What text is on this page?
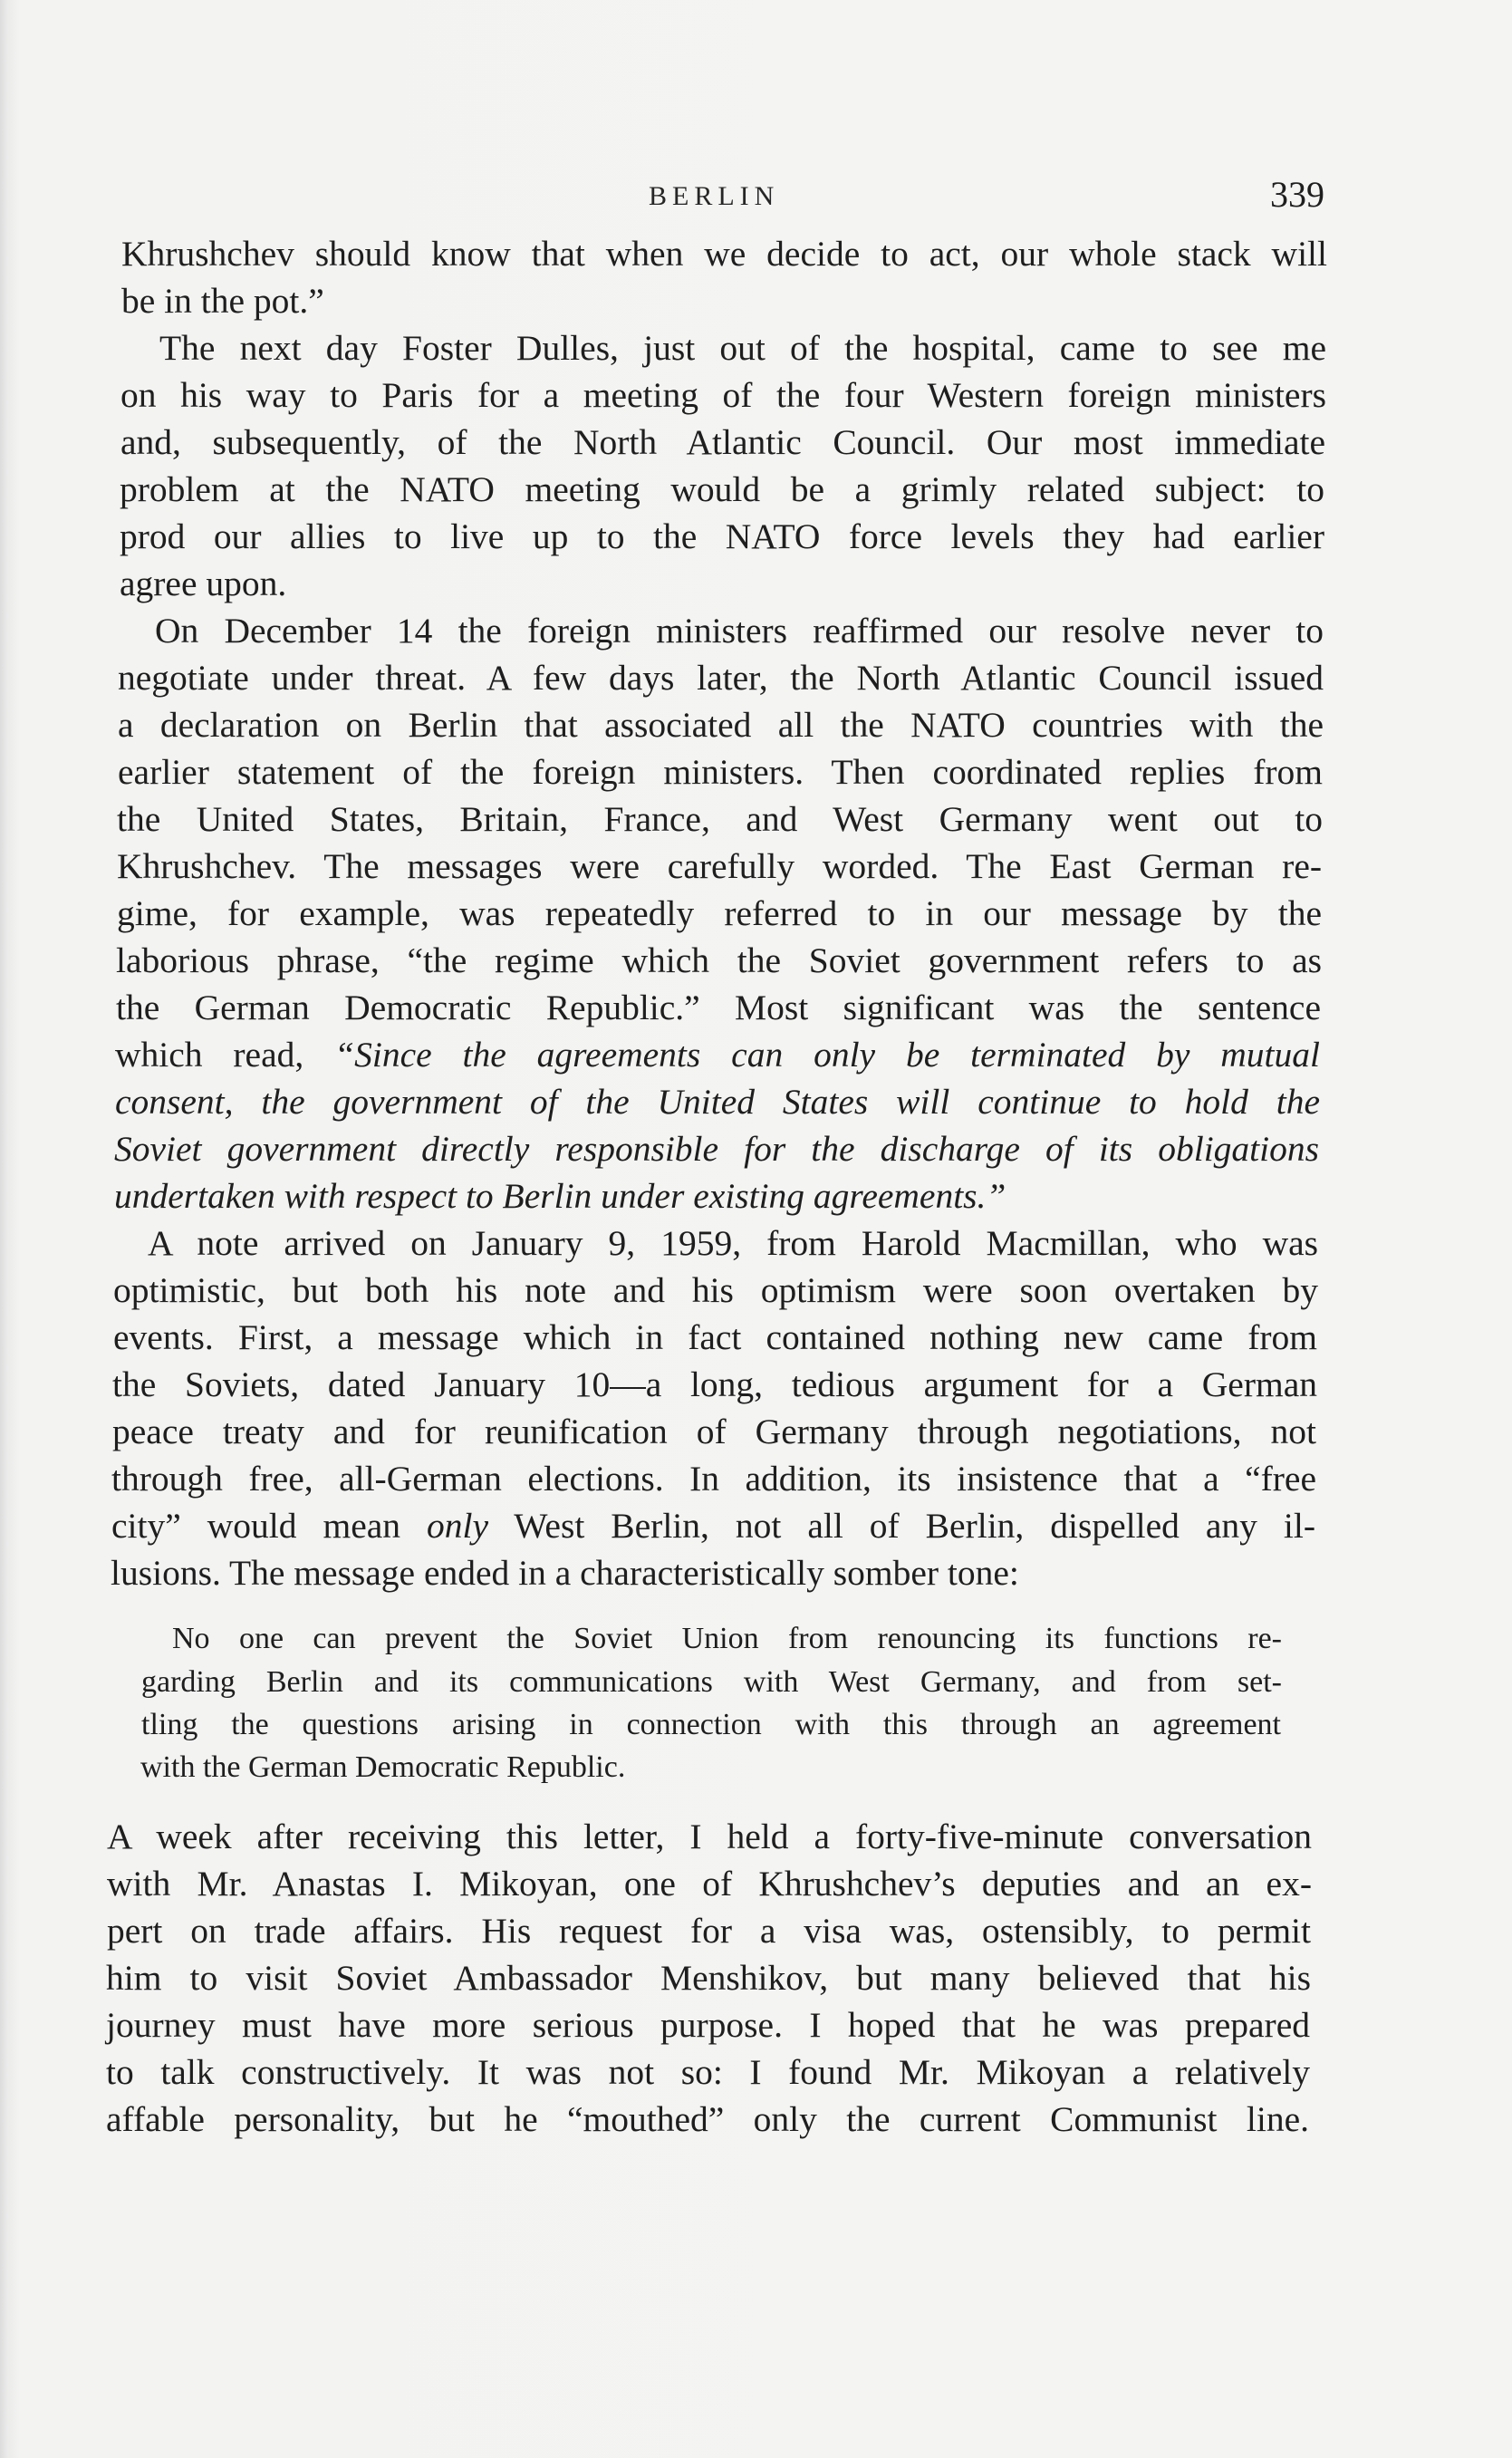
BERLIN	339
Khrushchev should know that when we decide to act, our whole stack will
be in the pot.”
The next day Foster Dulles, just out of the hospital, came to see me
on his way to Paris for a meeting of the four Western foreign ministers
and, subsequently, of the North Atlantic Council. Our most immediate
problem at the NATO meeting would be a grimly related subject: to
prod our allies to live up to the NATO force levels they had earlier
agree upon.
On December 14 the foreign ministers reaffirmed our resolve never to
negotiate under threat. A few days later, the North Atlantic Council issued
a declaration on Berlin that associated all the NATO countries with the
earlier statement of the foreign ministers. Then coordinated replies from
the United States, Britain, France, and West Germany went out to
Khrushchev. The messages were carefully worded. The East German re-
gime, for example, was repeatedly referred to in our message by the
laborious phrase, “the regime which the Soviet government refers to as
the German Democratic Republic.” Most significant was the sentence
which read, “Since the agreements can only be terminated by mutual
consent, the government of the United States will continue to hold the
Soviet government directly responsible for the discharge of its obligations
undertaken with respect to Berlin under existing agreements.”
A note arrived on January 9, 1959, from Harold Macmillan, who was
optimistic, but both his note and his optimism were soon overtaken by
events. First, a message which in fact contained nothing new came from
the Soviets, dated January 10—a long, tedious argument for a German
peace treaty and for reunification of Germany through negotiations, not
through free, all-German elections. In addition, its insistence that a “free
city” would mean only West Berlin, not all of Berlin, dispelled any il-
lusions. The message ended in a characteristically somber tone:
No one can prevent the Soviet Union from renouncing its functions re-
garding Berlin and its communications with West Germany, and from set-
tling the questions arising in connection with this through an agreement
with the German Democratic Republic.
A week after receiving this letter, I held a forty-five-minute conversation
with Mr. Anastas I. Mikoyan, one of Khrushchev’s deputies and an ex-
pert on trade affairs. His request for a visa was, ostensibly, to permit
him to visit Soviet Ambassador Menshikov, but many believed that his
journey must have more serious purpose. I hoped that he was prepared
to talk constructively. It was not so: I found Mr. Mikoyan a relatively
affable personality, but he “mouthed” only the current Communist line.
